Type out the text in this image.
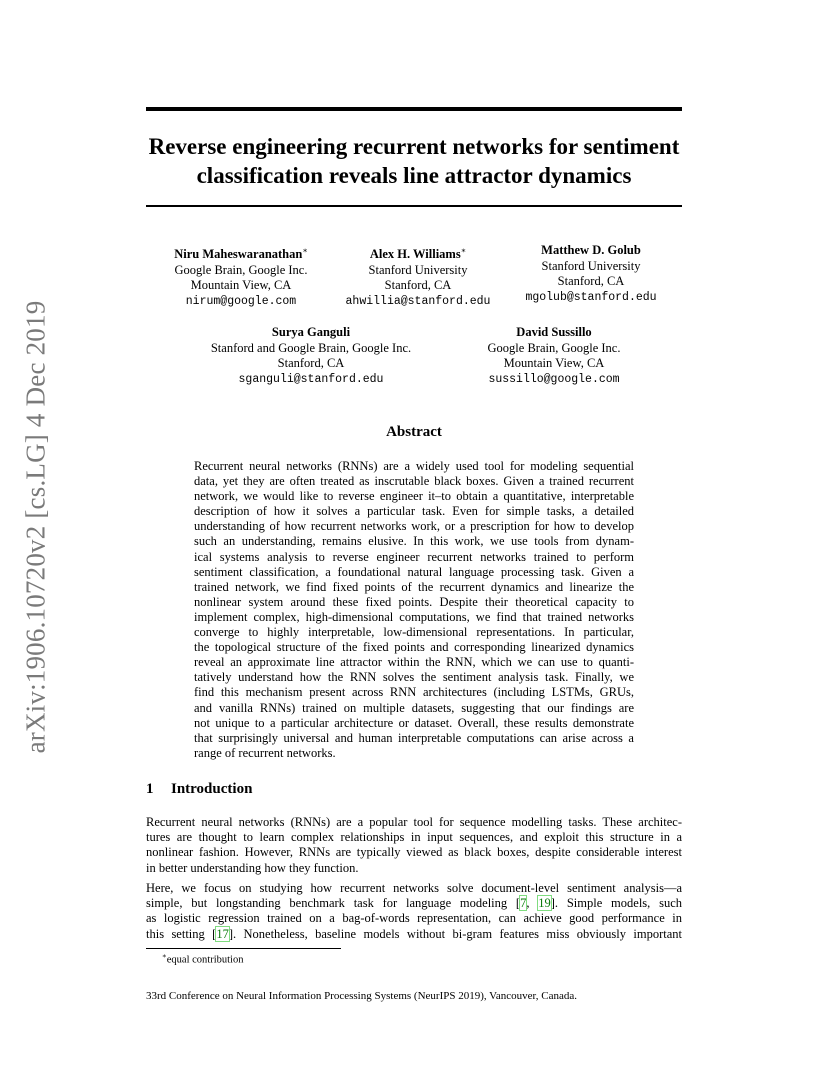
arXiv:1906.10720v2 [cs.LG] 4 Dec 2019
Reverse engineering recurrent networks for sentiment
classification reveals line attractor dynamics
Niru Maheswaranathan∗
Google Brain, Google Inc.
Mountain View, CA
nirum@google.com
Alex H. Williams∗
Stanford University
Stanford, CA
ahwillia@stanford.edu
Matthew D. Golub
Stanford University
Stanford, CA
mgolub@stanford.edu
Surya Ganguli
Stanford and Google Brain, Google Inc.
Stanford, CA
sganguli@stanford.edu
David Sussillo
Google Brain, Google Inc.
Mountain View, CA
sussillo@google.com
Abstract
Recurrent neural networks (RNNs) are a widely used tool for modeling sequential
data, yet they are often treated as inscrutable black boxes. Given a trained recurrent
network, we would like to reverse engineer it–to obtain a quantitative, interpretable
description of how it solves a particular task. Even for simple tasks, a detailed
understanding of how recurrent networks work, or a prescription for how to develop
such an understanding, remains elusive. In this work, we use tools from dynam-
ical systems analysis to reverse engineer recurrent networks trained to perform
sentiment classification, a foundational natural language processing task. Given a
trained network, we find fixed points of the recurrent dynamics and linearize the
nonlinear system around these fixed points. Despite their theoretical capacity to
implement complex, high-dimensional computations, we find that trained networks
converge to highly interpretable, low-dimensional representations. In particular,
the topological structure of the fixed points and corresponding linearized dynamics
reveal an approximate line attractor within the RNN, which we can use to quanti-
tatively understand how the RNN solves the sentiment analysis task. Finally, we
find this mechanism present across RNN architectures (including LSTMs, GRUs,
and vanilla RNNs) trained on multiple datasets, suggesting that our findings are
not unique to a particular architecture or dataset. Overall, these results demonstrate
that surprisingly universal and human interpretable computations can arise across a
range of recurrent networks.
1 Introduction
Recurrent neural networks (RNNs) are a popular tool for sequence modelling tasks. These architec-
tures are thought to learn complex relationships in input sequences, and exploit this structure in a
nonlinear fashion. However, RNNs are typically viewed as black boxes, despite considerable interest
in better understanding how they function.
Here, we focus on studying how recurrent networks solve document-level sentiment analysis—a
simple, but longstanding benchmark task for language modeling [7, 19]. Simple models, such
as logistic regression trained on a bag-of-words representation, can achieve good performance in
this setting [17]. Nonetheless, baseline models without bi-gram features miss obviously important
∗equal contribution
33rd Conference on Neural Information Processing Systems (NeurIPS 2019), Vancouver, Canada.
